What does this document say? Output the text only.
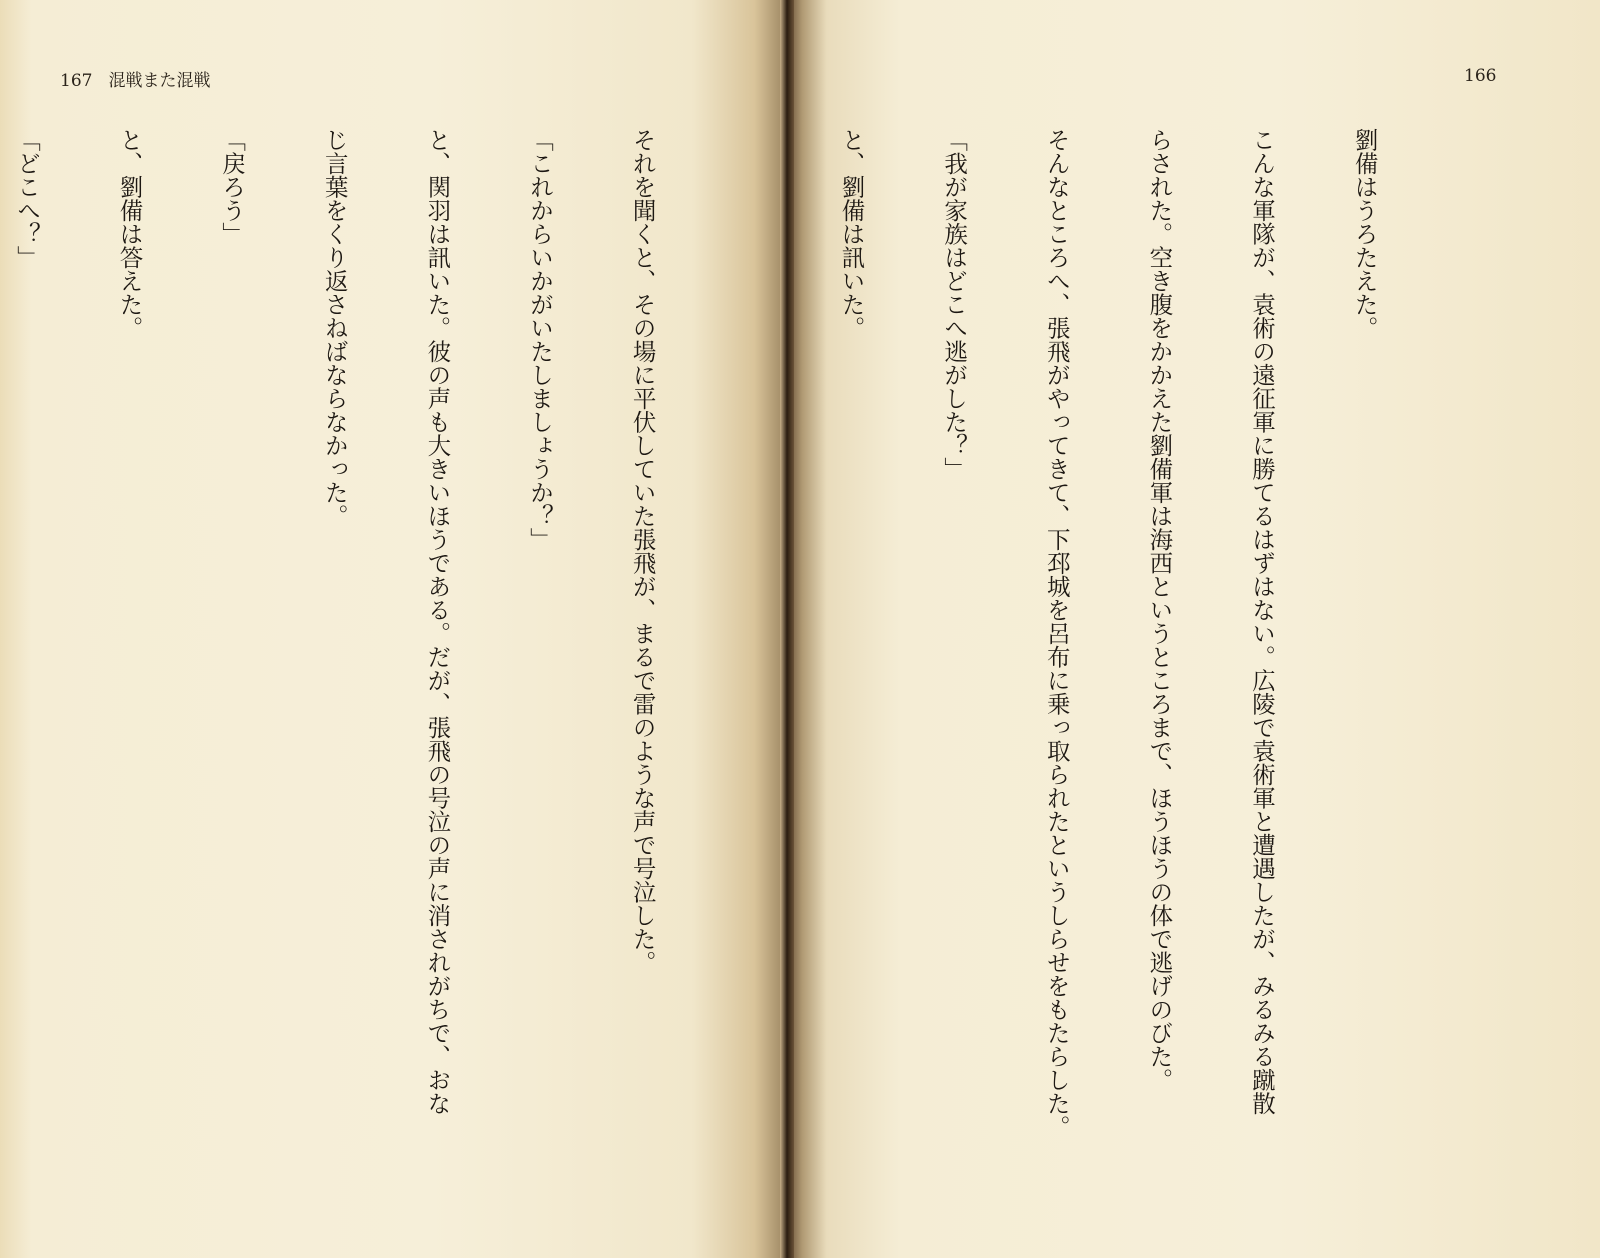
167 混戦また混戦

それを聞くと、その場に平伏していた張飛が、まるで雷のような声で号泣した。

「これからいかがいたしましょうか？」

と、関羽は訊いた。彼の声も大きいほうである。だが、張飛の号泣の声に消されがちで、おな

じ言葉をくり返さねばならなかった。

「戻ろう」

と、劉備は答えた。

「どこへ？」

166

劉備はうろたえた。

こんな軍隊が、袁術の遠征軍に勝てるはずはない。広陵で袁術軍と遭遇したが、みるみる蹴散

らされた。空き腹をかかえた劉備軍は海西というところまで、ほうほうの体で逃げのびた。

そんなところへ、張飛がやってきて、下邳城を呂布に乗っ取られたというしらせをもたらした。

「我が家族はどこへ逃がした？」

と、劉備は訊いた。
